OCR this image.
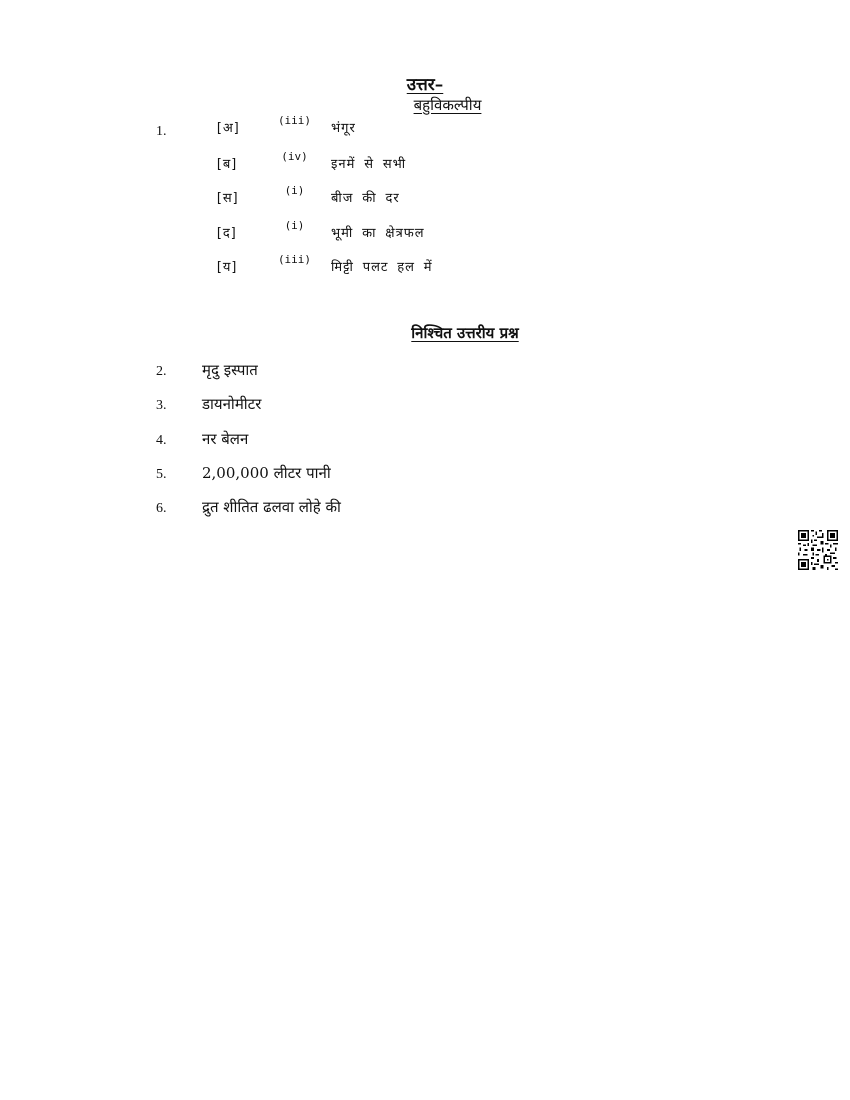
उत्तर–
बहुविकल्पीय
1.	[अ]
(iii)
भंगूर
[ब]
(iv)
इनमें से सभी
[स]
(i)
बीज की दर
[द]
(i)
भूमी का क्षेत्रफल
[य]
(iii)
मिट्टी पलट हल में
निश्चित उत्तरीय प्रश्न
2. मृदु इस्पात
3. डायनोमीटर
4. नर बेलन
5. 2,00,000 लीटर पानी
6. द्रुत शीतित ढलवा लोहे की
